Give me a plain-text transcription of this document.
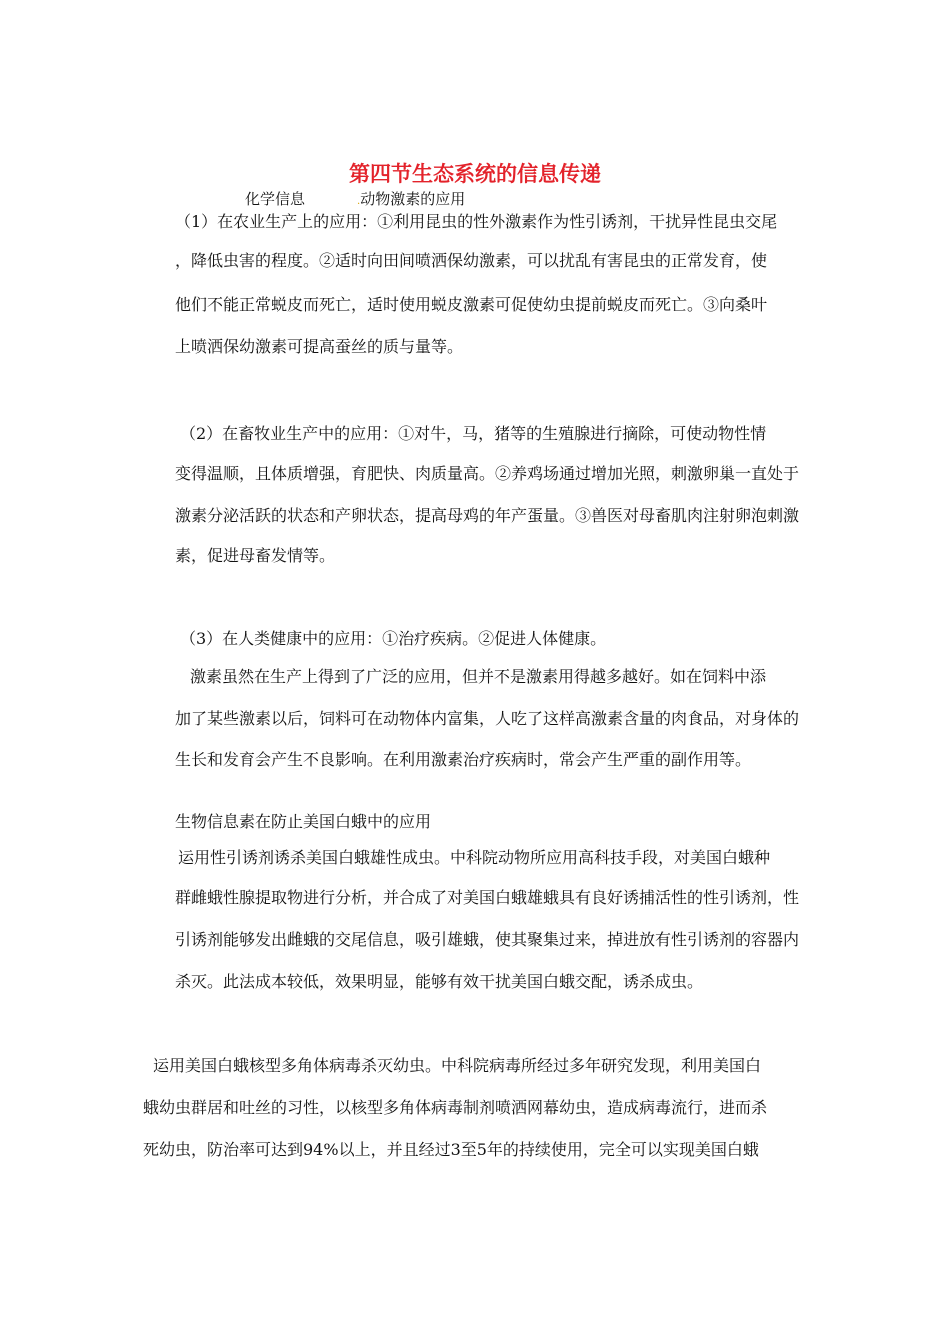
第四节生态系统的信息传递
化学信息	.动物激素的应用
（1）在农业生产上的应用：①利用昆虫的性外激素作为性引诱剂，干扰异性昆虫交尾
，降低虫害的程度。②适时向田间喷洒保幼激素，可以扰乱有害昆虫的正常发育，使
他们不能正常蜕皮而死亡，适时使用蜕皮激素可促使幼虫提前蜕皮而死亡。③向桑叶
上喷洒保幼激素可提高蚕丝的质与量等。
（2）在畜牧业生产中的应用：①对牛，马，猪等的生殖腺进行摘除，可使动物性情
变得温顺，且体质增强，育肥快、肉质量高。②养鸡场通过增加光照，刺激卵巢一直处于
激素分泌活跃的状态和产卵状态，提高母鸡的年产蛋量。③兽医对母畜肌肉注射卵泡刺激
素，促进母畜发情等。
（3）在人类健康中的应用：①治疗疾病。②促进人体健康。
激素虽然在生产上得到了广泛的应用，但并不是激素用得越多越好。如在饲料中添
加了某些激素以后，饲料可在动物体内富集，人吃了这样高激素含量的肉食品，对身体的
生长和发育会产生不良影响。在利用激素治疗疾病时，常会产生严重的副作用等。
生物信息素在防止美国白蛾中的应用
运用性引诱剂诱杀美国白蛾雄性成虫。中科院动物所应用高科技手段，对美国白蛾种
群雌蛾性腺提取物进行分析，并合成了对美国白蛾雄蛾具有良好诱捕活性的性引诱剂，性
引诱剂能够发出雌蛾的交尾信息，吸引雄蛾，使其聚集过来，掉进放有性引诱剂的容器内
杀灭。此法成本较低，效果明显，能够有效干扰美国白蛾交配，诱杀成虫。
运用美国白蛾核型多角体病毒杀灭幼虫。中科院病毒所经过多年研究发现，利用美国白
蛾幼虫群居和吐丝的习性，以核型多角体病毒制剂喷洒网幕幼虫，造成病毒流行，进而杀
死幼虫，防治率可达到94%以上，并且经过3至5年的持续使用，完全可以实现美国白蛾
